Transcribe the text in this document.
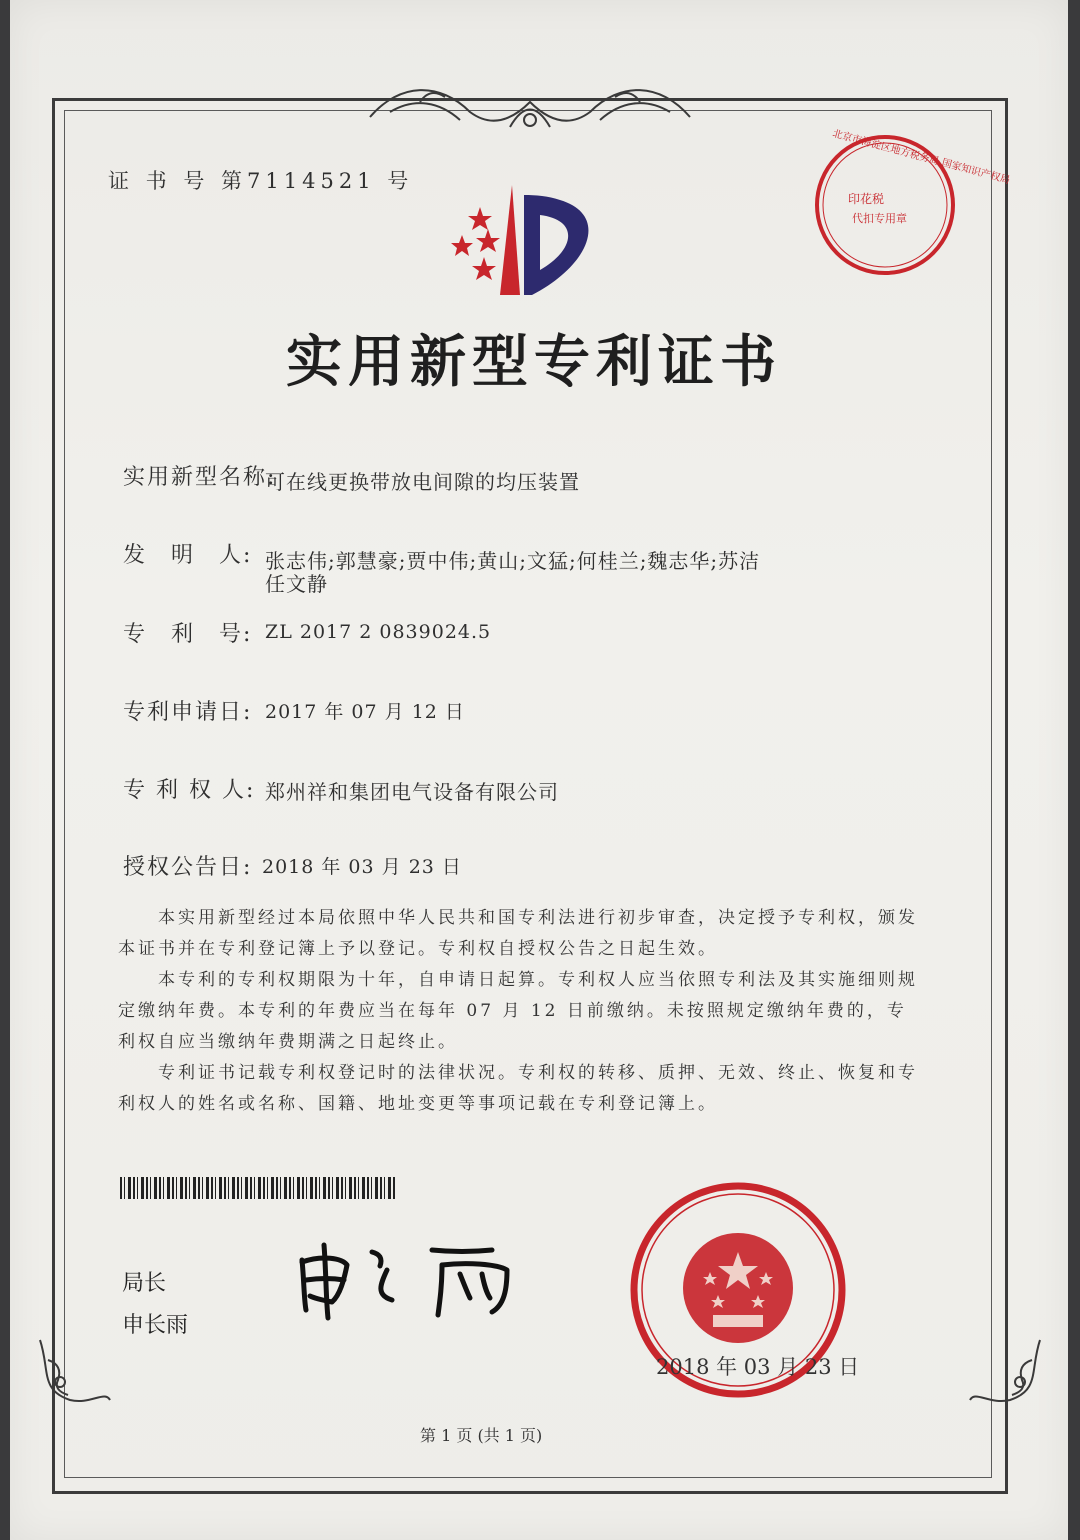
证 书 号 第7114521 号
印花税
代扣专用章
北京市海淀区地方税务局 国家知识产权局
实用新型专利证书
实用新型名称:
可在线更换带放电间隙的均压装置
发　明　人: 张志伟;郭慧豪;贾中伟;黄山;文猛;何桂兰;魏志华;苏洁
任文静
专　利　号: ZL 2017 2 0839024.5
专利申请日: 2017 年 07 月 12 日
专 利 权 人: 郑州祥和集团电气设备有限公司
授权公告日: 2018 年 03 月 23 日
本实用新型经过本局依照中华人民共和国专利法进行初步审查，决定授予专利权，颁发本证书并在专利登记簿上予以登记。专利权自授权公告之日起生效。
本专利的专利权期限为十年，自申请日起算。专利权人应当依照专利法及其实施细则规定缴纳年费。本专利的年费应当在每年 07 月 12 日前缴纳。未按照规定缴纳年费的，专利权自应当缴纳年费期满之日起终止。
专利证书记载专利权登记时的法律状况。专利权的转移、质押、无效、终止、恢复和专利权人的姓名或名称、国籍、地址变更等事项记载在专利登记簿上。
局长
申长雨
2018 年 03 月 23 日
第 1 页 (共 1 页)
